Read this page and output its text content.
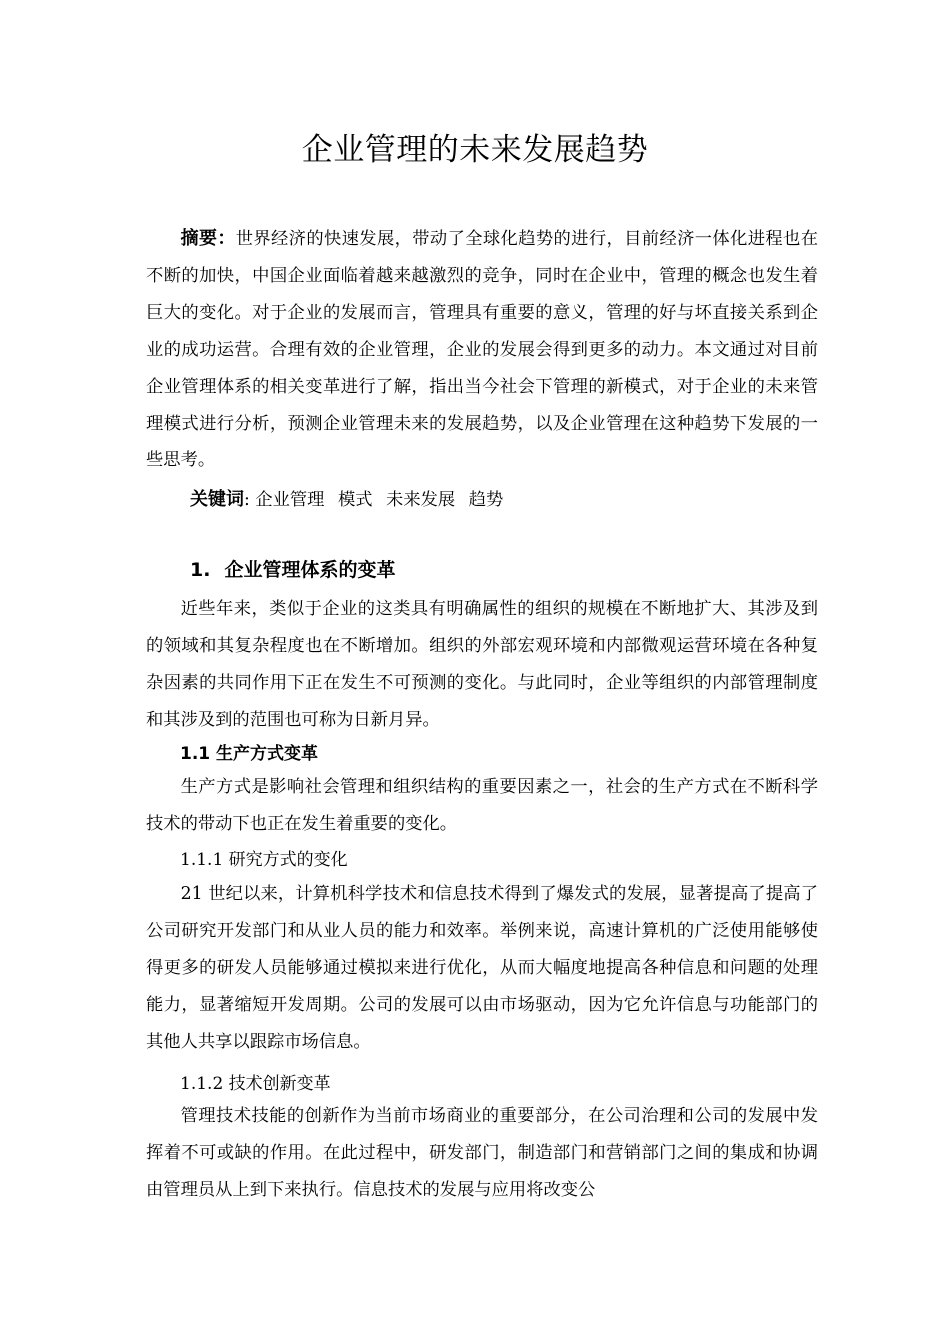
企业管理的未来发展趋势
摘要：世界经济的快速发展，带动了全球化趋势的进行，目前经济一体化进程也在不断的加快，中国企业面临着越来越激烈的竞争，同时在企业中，管理的概念也发生着巨大的变化。对于企业的发展而言，管理具有重要的意义，管理的好与坏直接关系到企业的成功运营。合理有效的企业管理，企业的发展会得到更多的动力。本文通过对目前企业管理体系的相关变革进行了解，指出当今社会下管理的新模式，对于企业的未来管理模式进行分析，预测企业管理未来的发展趋势，以及企业管理在这种趋势下发展的一些思考。
关键词: 企业管理 模式 未来发展 趋势
1. 企业管理体系的变革
近些年来，类似于企业的这类具有明确属性的组织的规模在不断地扩大、其涉及到的领域和其复杂程度也在不断增加。组织的外部宏观环境和内部微观运营环境在各种复杂因素的共同作用下正在发生不可预测的变化。与此同时，企业等组织的内部管理制度和其涉及到的范围也可称为日新月异。
1.1 生产方式变革
生产方式是影响社会管理和组织结构的重要因素之一，社会的生产方式在不断科学技术的带动下也正在发生着重要的变化。
1.1.1 研究方式的变化
21 世纪以来，计算机科学技术和信息技术得到了爆发式的发展，显著提高了提高了公司研究开发部门和从业人员的能力和效率。举例来说，高速计算机的广泛使用能够使得更多的研发人员能够通过模拟来进行优化，从而大幅度地提高各种信息和问题的处理能力，显著缩短开发周期。公司的发展可以由市场驱动，因为它允许信息与功能部门的其他人共享以跟踪市场信息。
1.1.2 技术创新变革
管理技术技能的创新作为当前市场商业的重要部分，在公司治理和公司的发展中发挥着不可或缺的作用。在此过程中，研发部门，制造部门和营销部门之间的集成和协调由管理员从上到下来执行。信息技术的发展与应用将改变公
